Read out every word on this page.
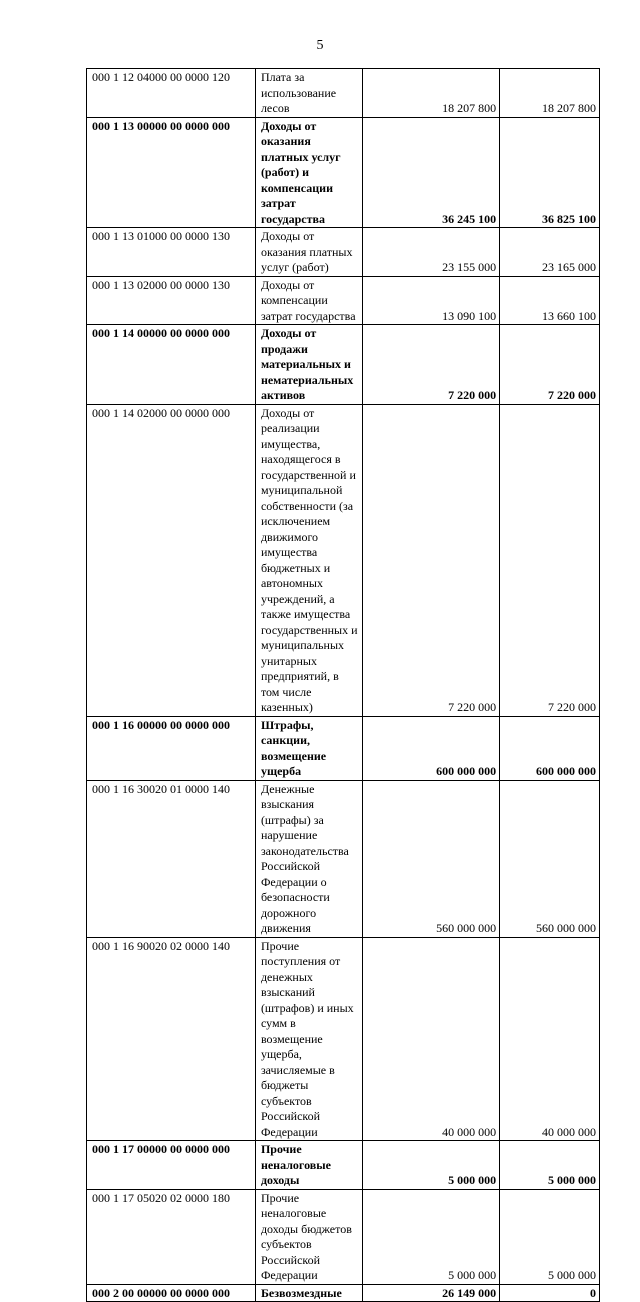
5
000 1 12 04000 00 0000 120	Плата за использование лесов	18 207 800	18 207 800
000 1 13 00000 00 0000 000	Доходы от оказания платных услуг (работ) и компенсации затрат государства	36 245 100	36 825 100
000 1 13 01000 00 0000 130	Доходы от оказания платных услуг (работ)	23 155 000	23 165 000
000 1 13 02000 00 0000 130	Доходы от компенсации затрат государства	13 090 100	13 660 100
000 1 14 00000 00 0000 000	Доходы от продажи материальных и нематериальных активов	7 220 000	7 220 000
000 1 14 02000 00 0000 000	Доходы от реализации имущества, находящегося в государственной и муниципальной собственности (за исключением движимого имущества бюджетных и автономных учреждений, а также имущества государственных и муниципальных унитарных предприятий, в том числе казенных)	7 220 000	7 220 000
000 1 16 00000 00 0000 000	Штрафы, санкции, возмещение ущерба	600 000 000	600 000 000
000 1 16 30020 01 0000 140	Денежные взыскания (штрафы) за нарушение законодательства Российской Федерации о безопасности дорожного движения	560 000 000	560 000 000
000 1 16 90020 02 0000 140	Прочие поступления от денежных взысканий (штрафов) и иных сумм в возмещение ущерба, зачисляемые в бюджеты субъектов Российской Федерации	40 000 000	40 000 000
000 1 17 00000 00 0000 000	Прочие неналоговые доходы	5 000 000	5 000 000
000 1 17 05020 02 0000 180	Прочие неналоговые доходы бюджетов субъектов Российской Федерации	5 000 000	5 000 000
000 2 00 00000 00 0000 000	Безвозмездные	26 149 000	0
